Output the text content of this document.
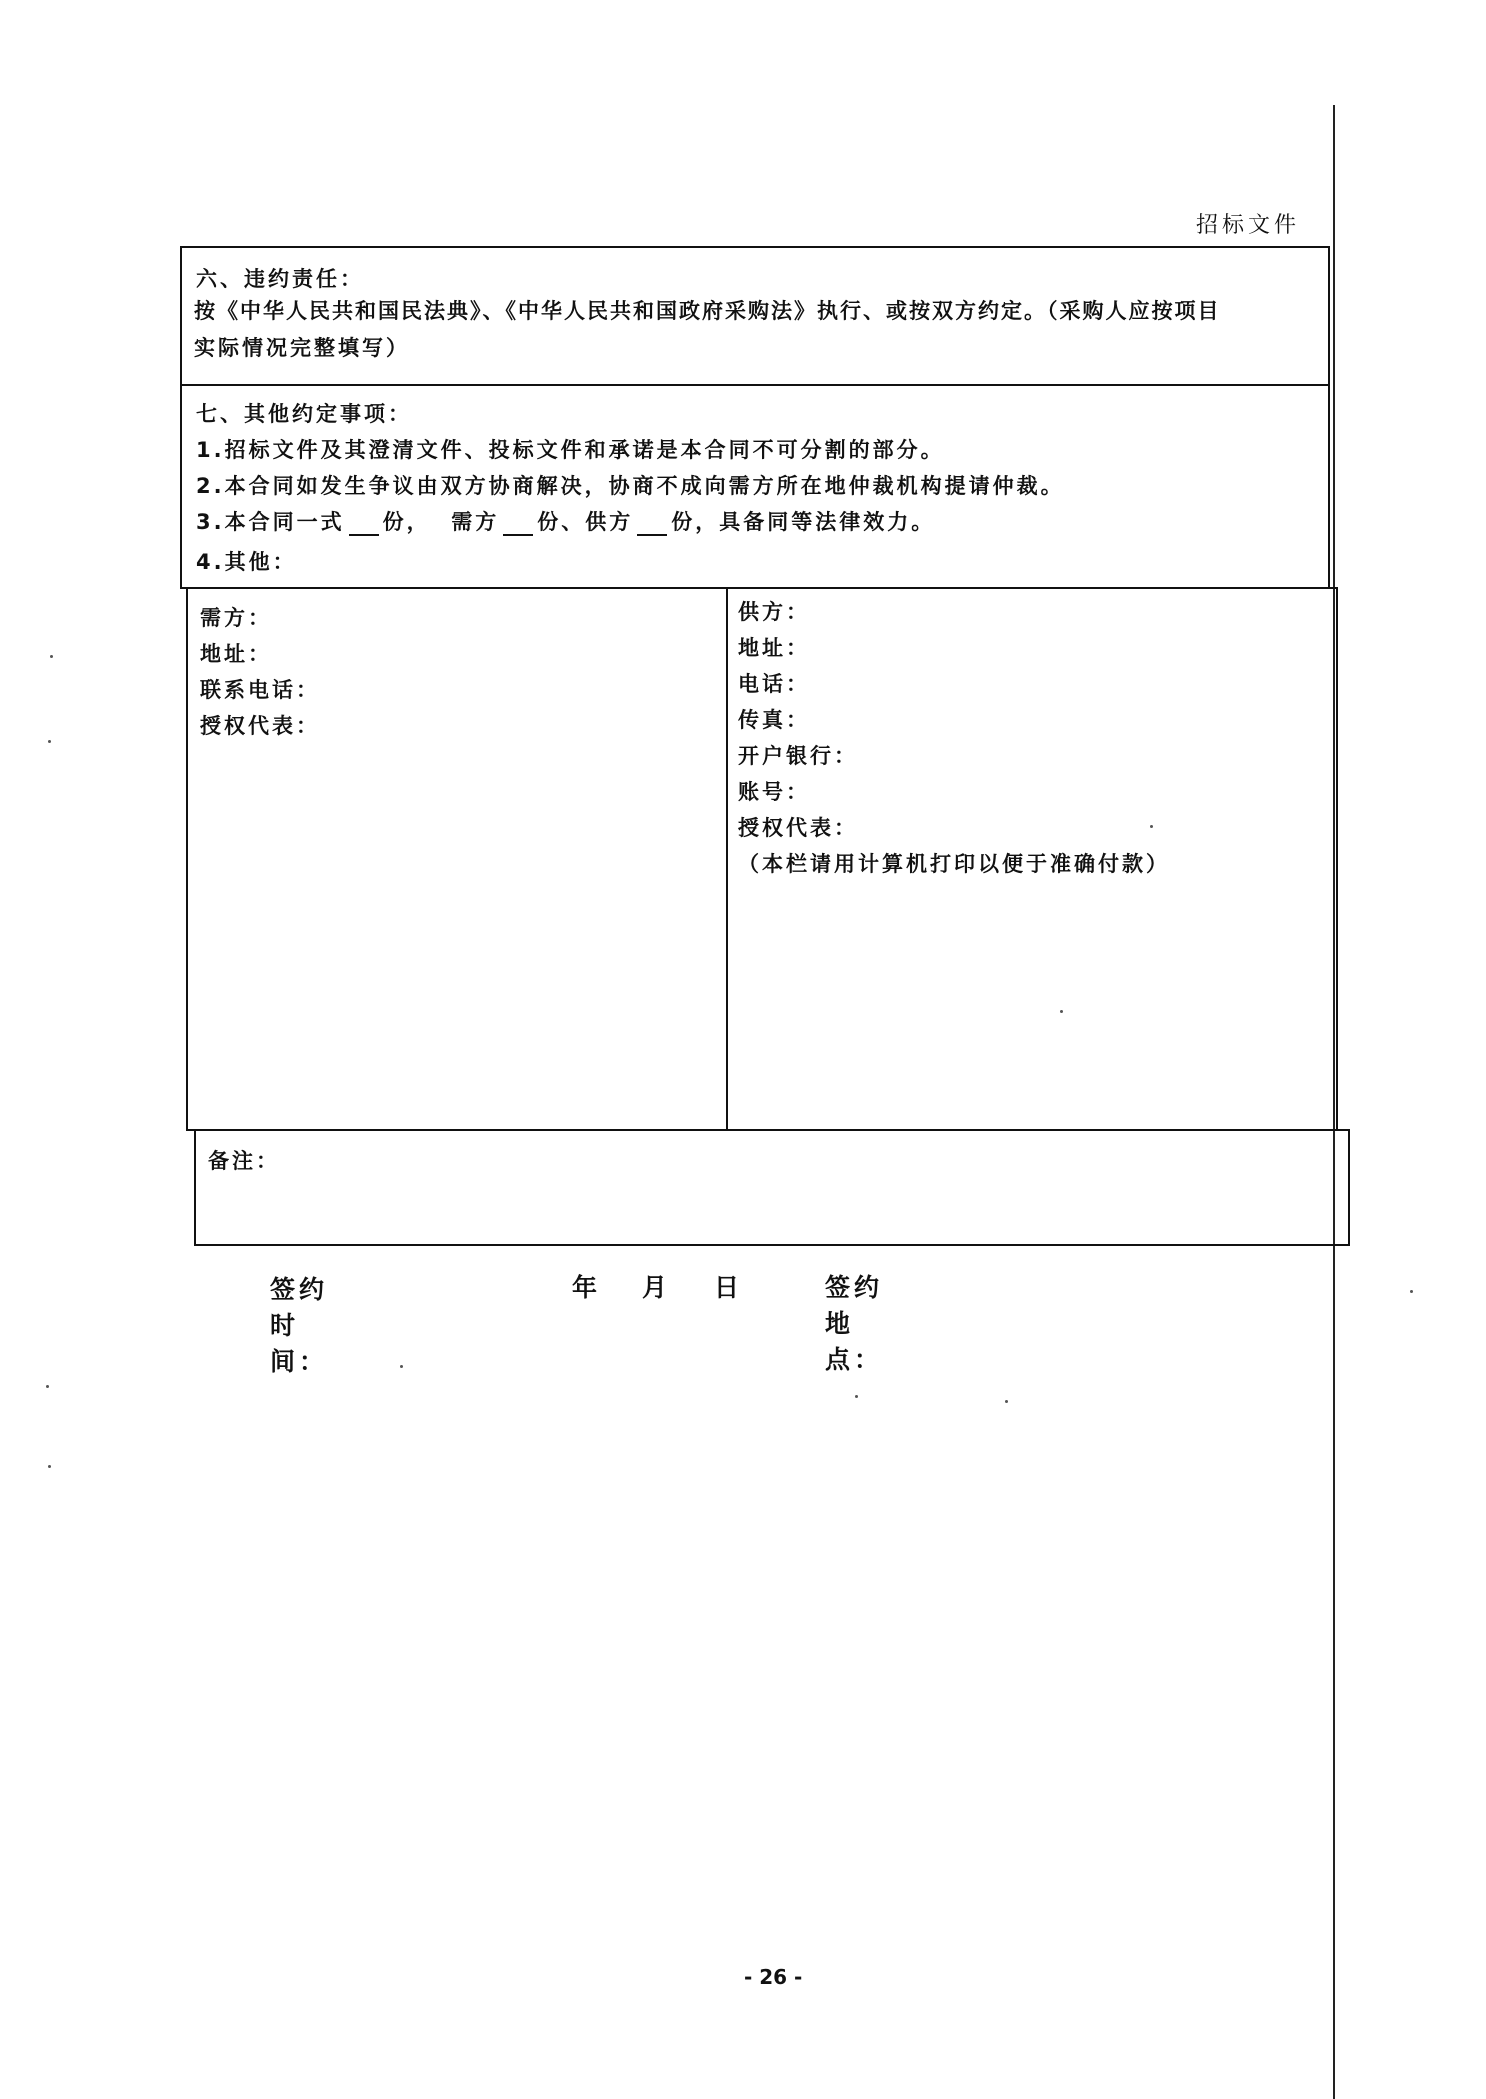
招标文件
六、违约责任：
按《中华人民共和国民法典》、《中华人民共和国政府采购法》执行、或按双方约定。（采购人应按项目
实际情况完整填写）
七、其他约定事项：
1.招标文件及其澄清文件、投标文件和承诺是本合同不可分割的部分。
2.本合同如发生争议由双方协商解决，协商不成向需方所在地仲裁机构提请仲裁。
3.本合同一式 份， 需方 份、供方 份，具备同等法律效力。
4.其他：
需方：
地址：
联系电话：
授权代表：
供方：
地址：
电话：
传真：
开户银行：
账号：
授权代表：
（本栏请用计算机打印以便于准确付款）
备注：
签约时间：
年 月 日	签约地点：
- 26 -
